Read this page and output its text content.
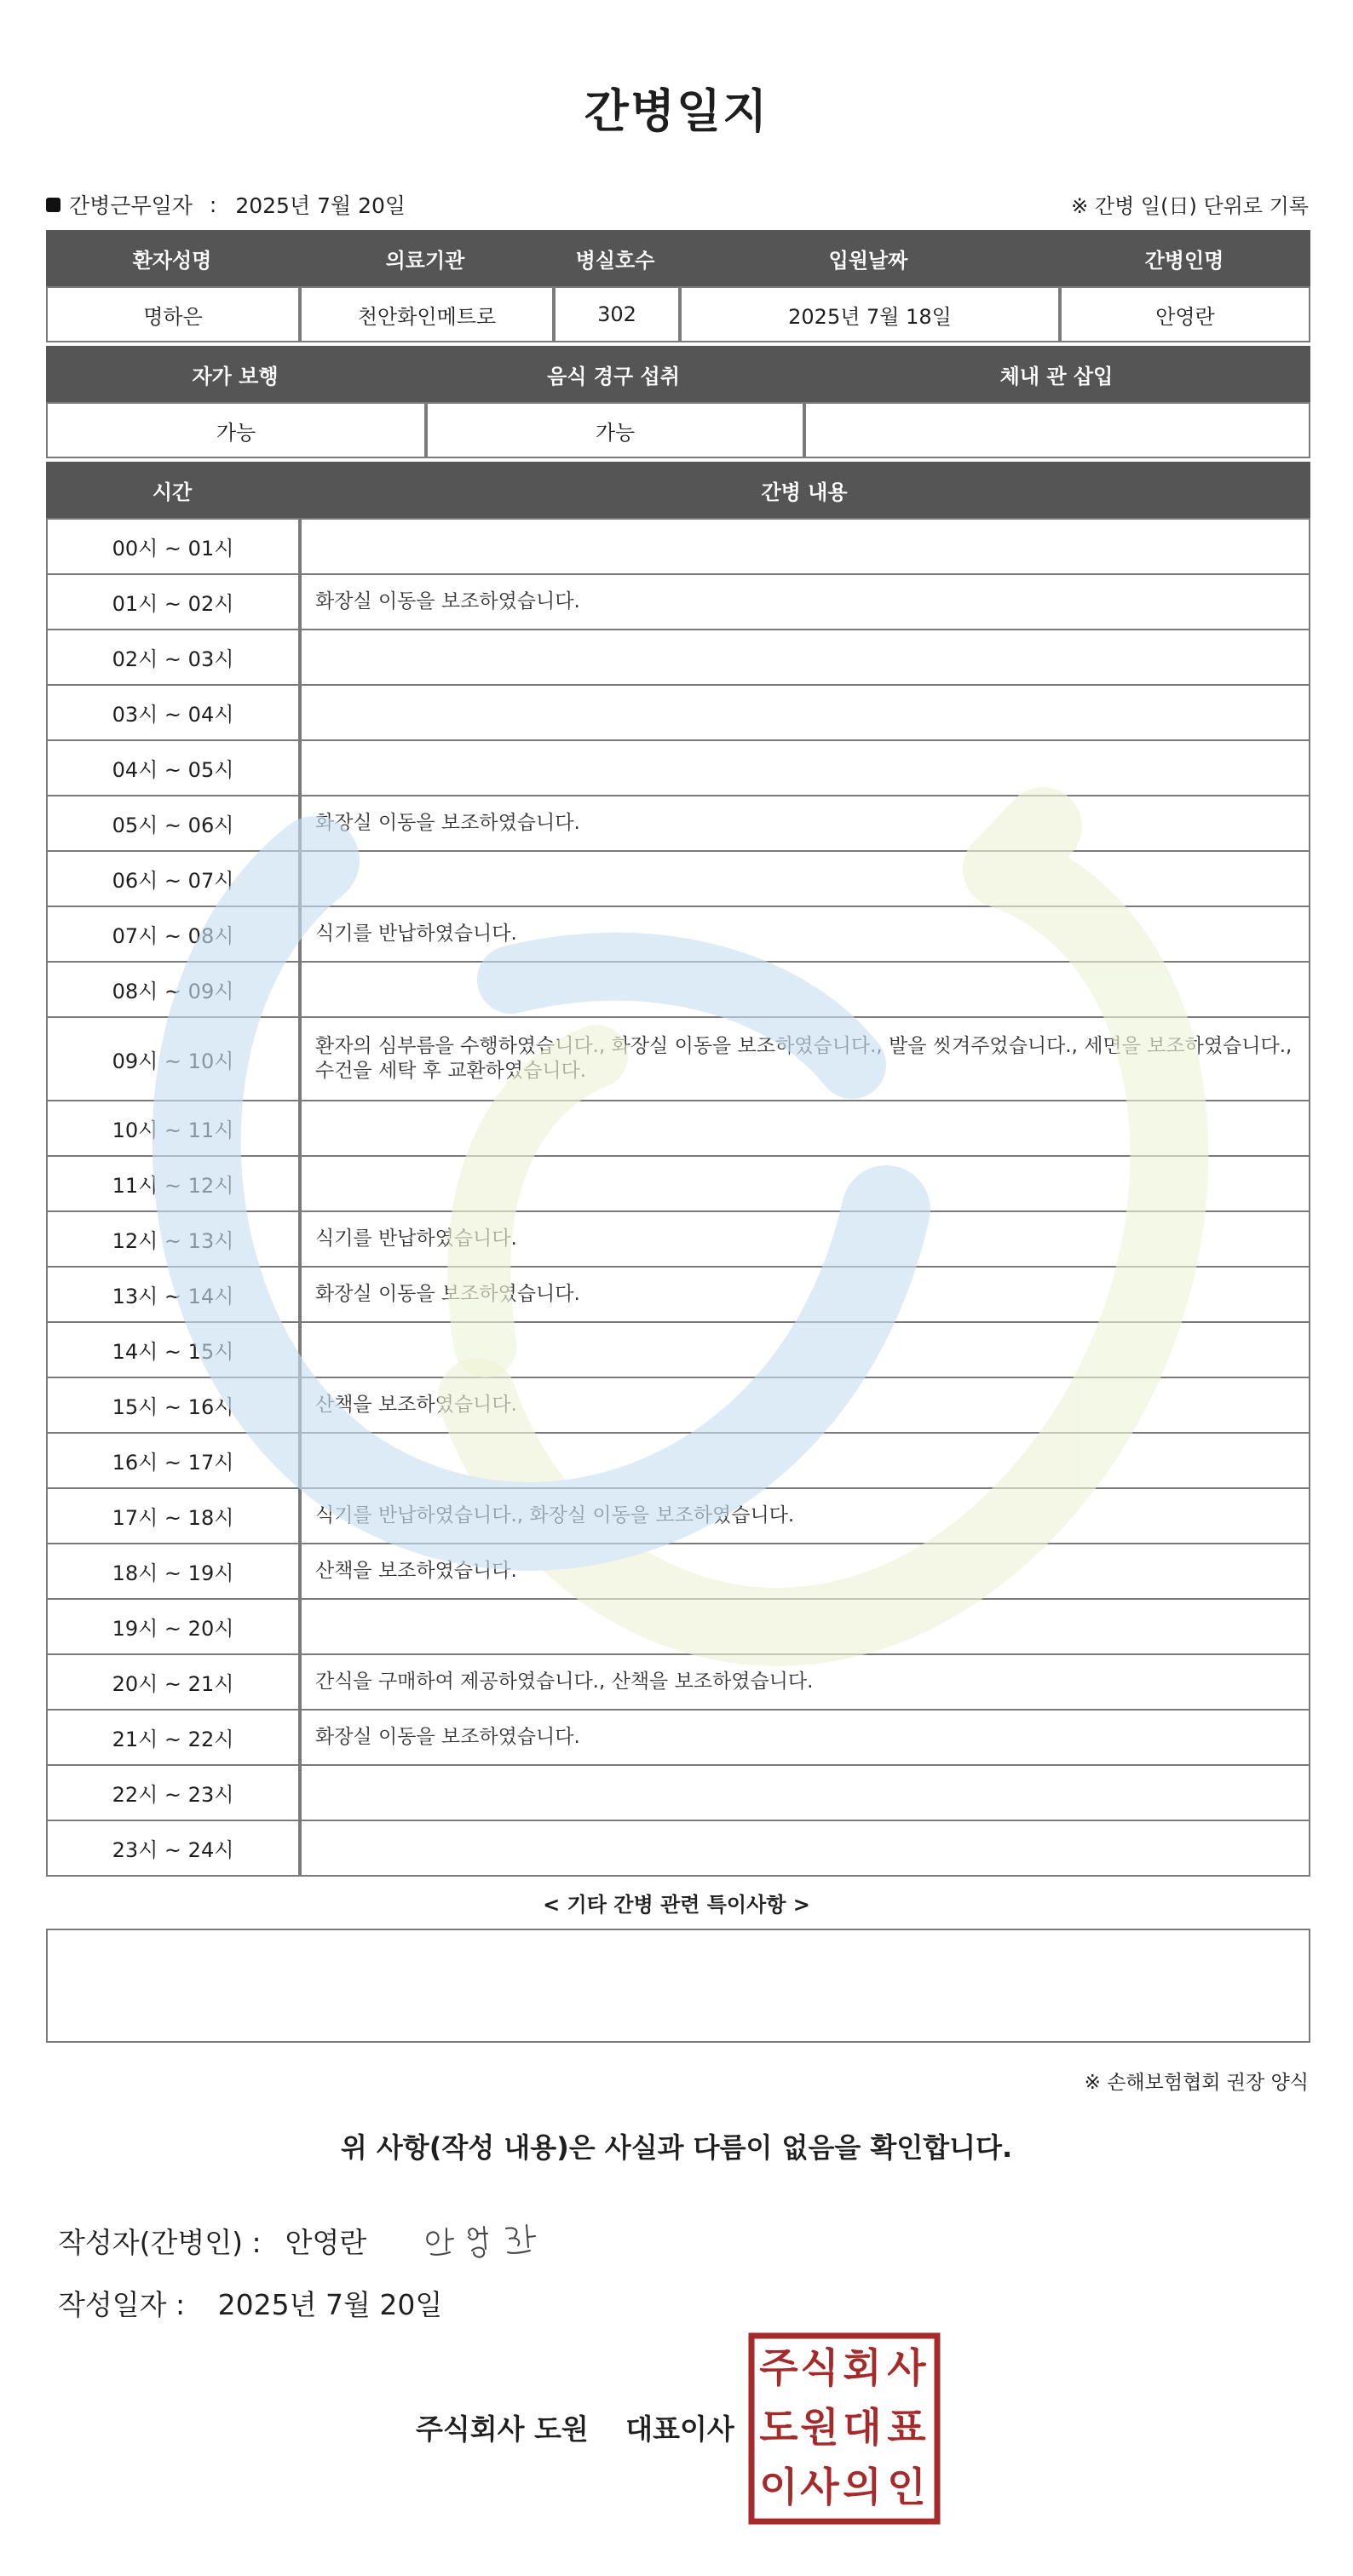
간병일지
간병근무일자 : 2025년 7월 20일	※ 간병 일(日) 단위로 기록
환자성명	의료기관	병실호수	입원날짜	간병인명
명하은	천안화인메트로	302	2025년 7월 18일	안영란
자가 보행	음식 경구 섭취	체내 관 삽입
가능	가능	
시간	간병 내용
00시 ~ 01시	
01시 ~ 02시	화장실 이동을 보조하였습니다.
02시 ~ 03시	
03시 ~ 04시	
04시 ~ 05시	
05시 ~ 06시	화장실 이동을 보조하였습니다.
06시 ~ 07시	
07시 ~ 08시	식기를 반납하였습니다.
08시 ~ 09시	
09시 ~ 10시	환자의 심부름을 수행하였습니다., 화장실 이동을 보조하였습니다., 발을 씻겨주었습니다., 세면을 보조하였습니다., 수건을 세탁 후 교환하였습니다.
10시 ~ 11시	
11시 ~ 12시	
12시 ~ 13시	식기를 반납하였습니다.
13시 ~ 14시	화장실 이동을 보조하였습니다.
14시 ~ 15시	
15시 ~ 16시	산책을 보조하였습니다.
16시 ~ 17시	
17시 ~ 18시	식기를 반납하였습니다., 화장실 이동을 보조하였습니다.
18시 ~ 19시	산책을 보조하였습니다.
19시 ~ 20시	
20시 ~ 21시	간식을 구매하여 제공하였습니다., 산책을 보조하였습니다.
21시 ~ 22시	화장실 이동을 보조하였습니다.
22시 ~ 23시	
23시 ~ 24시	
< 기타 간병 관련 특이사항 >
※ 손해보험협회 권장 양식
위 사항(작성 내용)은 사실과 다름이 없음을 확인합니다.
작성자(간병인) : 안영란
작성일자 : 2025년 7월 20일
주식회사 도원 대표이사
주 식 회 사
도 원 대 표
이 사 의 인
